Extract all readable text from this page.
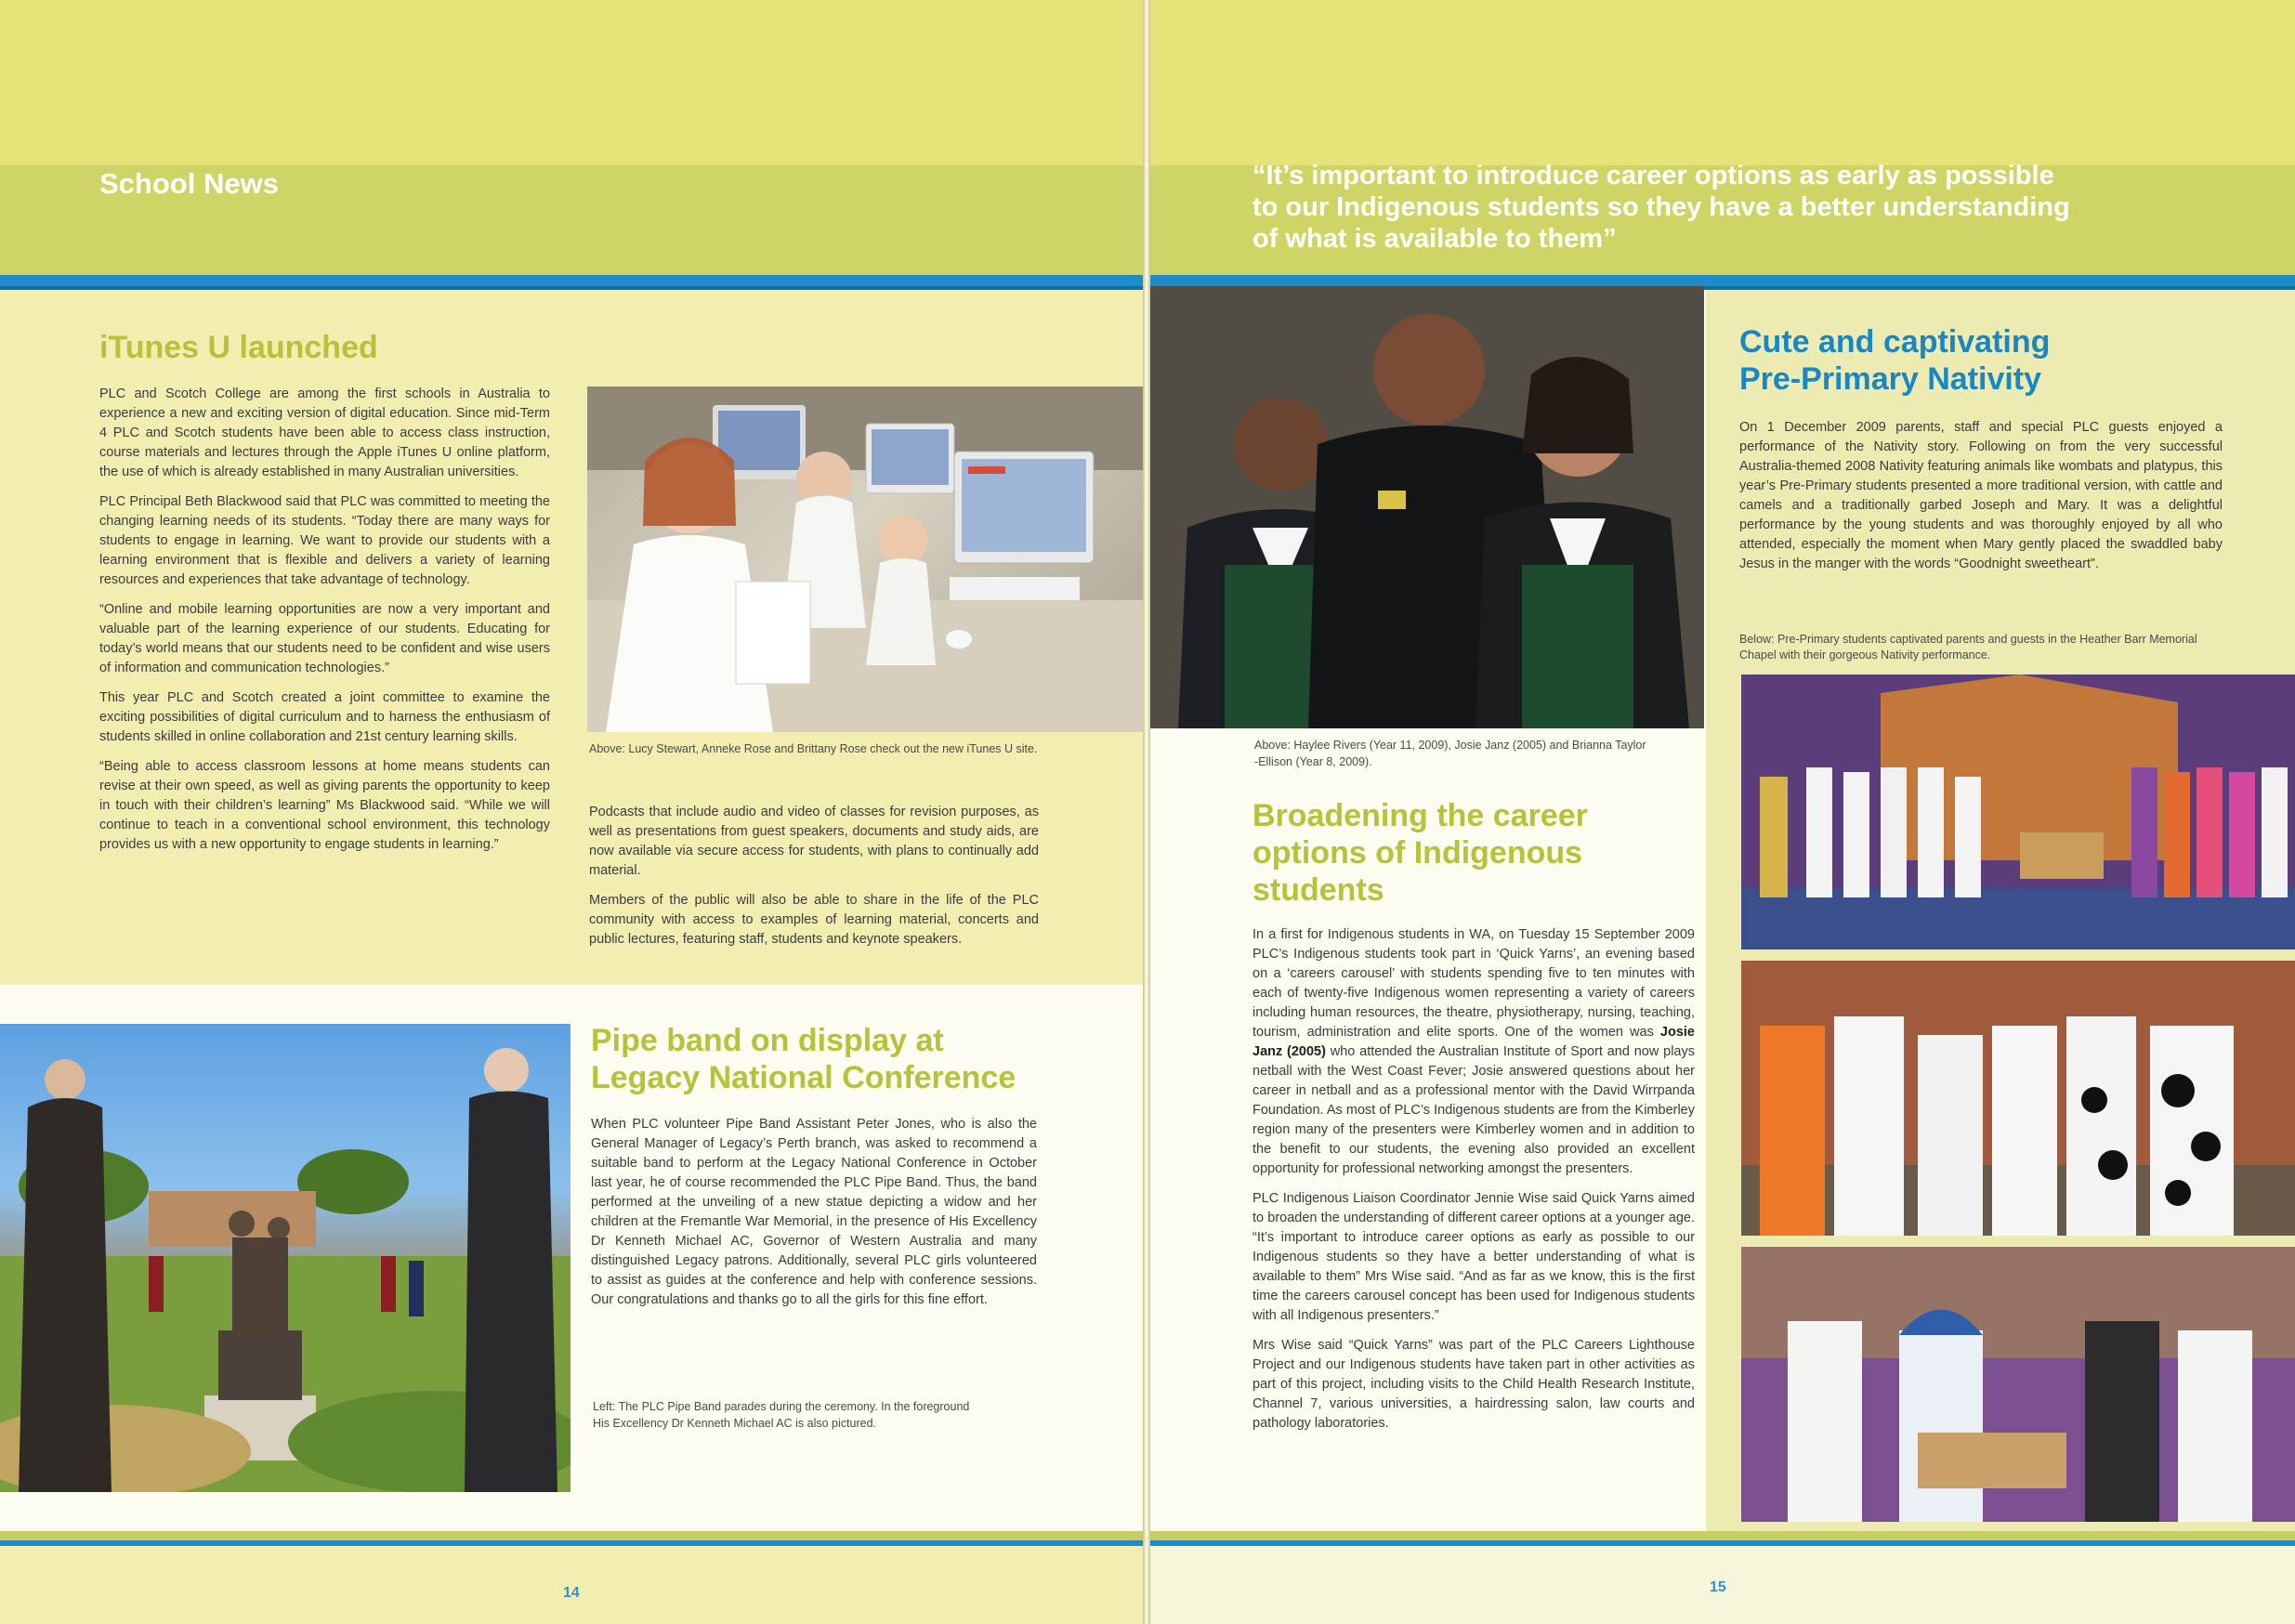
School News
iTunes U launched

PLC and Scotch College are among the first schools in Australia to experience a new and exciting version of digital education. Since mid-Term 4 PLC and Scotch students have been able to access class instruction, course materials and lectures through the Apple iTunes U online platform, the use of which is already established in many Australian universities.

PLC Principal Beth Blackwood said that PLC was committed to meeting the changing learning needs of its students. “Today there are many ways for students to engage in learning. We want to provide our students with a learning environment that is flexible and delivers a variety of learning resources and experiences that take advantage of technology.

“Online and mobile learning opportunities are now a very important and valuable part of the learning experience of our students. Educating for today’s world means that our students need to be confident and wise users of information and communication technologies.”

This year PLC and Scotch created a joint committee to examine the exciting possibilities of digital curriculum and to harness the enthusiasm of students skilled in online collaboration and 21st century learning skills.

“Being able to access classroom lessons at home means students can revise at their own speed, as well as giving parents the opportunity to keep in touch with their children’s learning” Ms Blackwood said. “While we will continue to teach in a conventional school environment, this technology provides us with a new opportunity to engage students in learning.”

Above: Lucy Stewart, Anneke Rose and Brittany Rose check out the new iTunes U site.

Podcasts that include audio and video of classes for revision purposes, as well as presentations from guest speakers, documents and study aids, are now available via secure access for students, with plans to continually add material.

Members of the public will also be able to share in the life of the PLC community with access to examples of learning material, concerts and public lectures, featuring staff, students and keynote speakers.

Pipe band on display at
Legacy National Conference

When PLC volunteer Pipe Band Assistant Peter Jones, who is also the General Manager of Legacy’s Perth branch, was asked to recommend a suitable band to perform at the Legacy National Conference in October last year, he of course recommended the PLC Pipe Band. Thus, the band performed at the unveiling of a new statue depicting a widow and her children at the Fremantle War Memorial, in the presence of His Excellency Dr Kenneth Michael AC, Governor of Western Australia and many distinguished Legacy patrons. Additionally, several PLC girls volunteered to assist as guides at the conference and help with conference sessions. Our congratulations and thanks go to all the girls for this fine effort.

Left: The PLC Pipe Band parades during the ceremony. In the foreground
His Excellency Dr Kenneth Michael AC is also pictured.
14
“It’s important to introduce career options as early as possible
to our Indigenous students so they have a better understanding
of what is available to them”
Above: Haylee Rivers (Year 11, 2009), Josie Janz (2005) and Brianna Taylor
-Ellison (Year 8, 2009).
Broadening the career
options of Indigenous
students

In a first for Indigenous students in WA, on Tuesday 15 September 2009 PLC’s Indigenous students took part in ‘Quick Yarns’, an evening based on a ‘careers carousel’ with students spending five to ten minutes with each of twenty-five Indigenous women representing a variety of careers including human resources, the theatre, physiotherapy, nursing, teaching, tourism, administration and elite sports. One of the women was Josie Janz (2005) who attended the Australian Institute of Sport and now plays netball with the West Coast Fever; Josie answered questions about her career in netball and as a professional mentor with the David Wirrpanda Foundation. As most of PLC’s Indigenous students are from the Kimberley region many of the presenters were Kimberley women and in addition to the benefit to our students, the evening also provided an excellent opportunity for professional networking amongst the presenters.

PLC Indigenous Liaison Coordinator Jennie Wise said Quick Yarns aimed to broaden the understanding of different career options at a younger age. “It’s important to introduce career options as early as possible to our Indigenous students so they have a better understanding of what is available to them” Mrs Wise said. “And as far as we know, this is the first time the careers carousel concept has been used for Indigenous students with all Indigenous presenters.”

Mrs Wise said “Quick Yarns” was part of the PLC Careers Lighthouse Project and our Indigenous students have taken part in other activities as part of this project, including visits to the Child Health Research Institute, Channel 7, various universities, a hairdressing salon, law courts and pathology laboratories.

Cute and captivating
Pre-Primary Nativity

On 1 December 2009 parents, staff and special PLC guests enjoyed a performance of the Nativity story. Following on from the very successful Australia-themed 2008 Nativity featuring animals like wombats and platypus, this year’s Pre-Primary students presented a more traditional version, with cattle and camels and a traditionally garbed Joseph and Mary. It was a delightful performance by the young students and was thoroughly enjoyed by all who attended, especially the moment when Mary gently placed the swaddled baby Jesus in the manger with the words “Goodnight sweetheart”.

Below: Pre-Primary students captivated parents and guests in the Heather Barr Memorial Chapel with their gorgeous Nativity performance.
15
